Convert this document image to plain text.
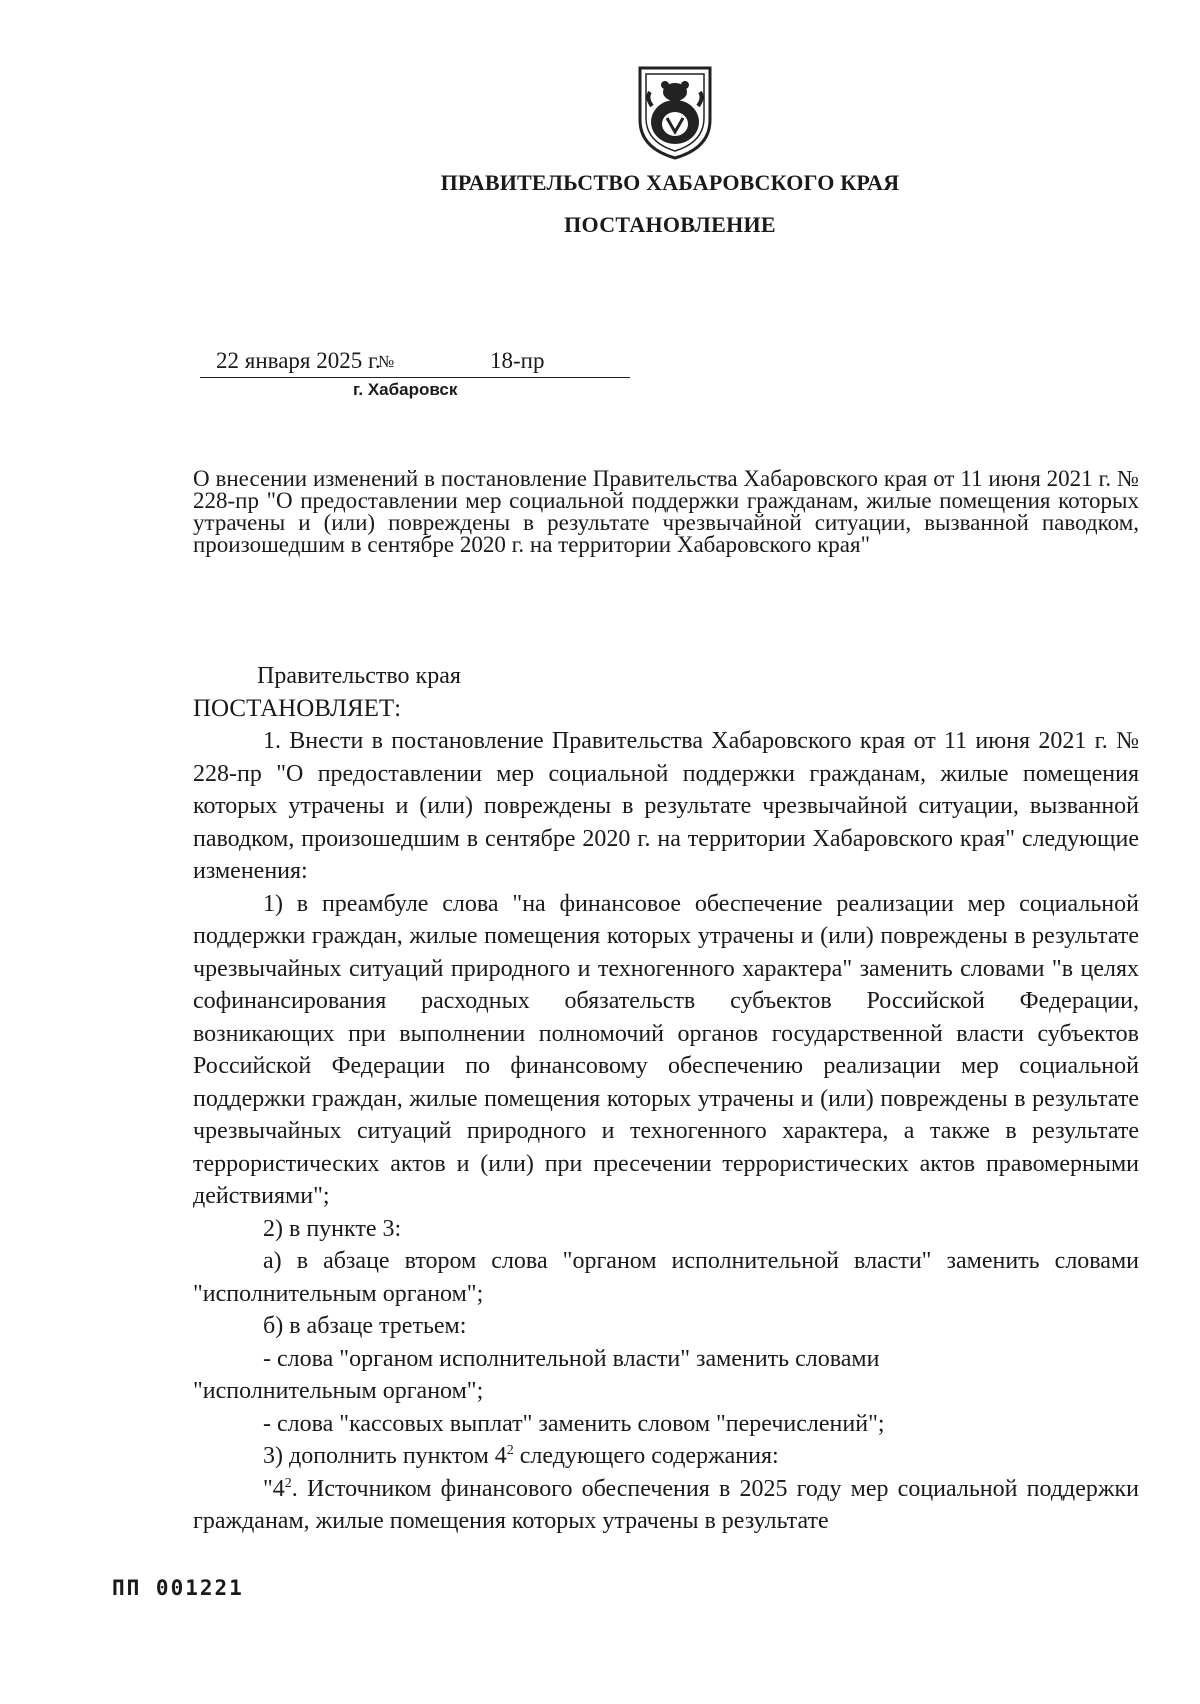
ПРАВИТЕЛЬСТВО ХАБАРОВСКОГО КРАЯ
ПОСТАНОВЛЕНИЕ
22 января 2025 г.
№	18-пр
г. Хабаровск
О внесении изменений в постановление Правительства Хабаровского края от 11 июня 2021 г. № 228-пр "О предоставлении мер социальной поддержки гражданам, жилые помещения которых утрачены и (или) повреждены в результате чрезвычайной ситуации, вызванной паводком, произошедшим в сентябре 2020 г. на территории Хабаровского края"

Правительство края

ПОСТАНОВЛЯЕТ:

1. Внести в постановление Правительства Хабаровского края от 11 июня 2021 г. № 228-пр "О предоставлении мер социальной поддержки гражданам, жилые помещения которых утрачены и (или) повреждены в результате чрезвычайной ситуации, вызванной паводком, произошедшим в сентябре 2020 г. на территории Хабаровского края" следующие изменения:

1) в преамбуле слова "на финансовое обеспечение реализации мер социальной поддержки граждан, жилые помещения которых утрачены и (или) повреждены в результате чрезвычайных ситуаций природного и техногенного характера" заменить словами "в целях софинансирования расходных обязательств субъектов Российской Федерации, возникающих при выполнении полномочий органов государственной власти субъектов Российской Федерации по финансовому обеспечению реализации мер социальной поддержки граждан, жилые помещения которых утрачены и (или) повреждены в результате чрезвычайных ситуаций природного и техногенного характера, а также в результате террористических актов и (или) при пресечении террористических актов правомерными действиями";

2) в пункте 3:

а) в абзаце втором слова "органом исполнительной власти" заменить словами "исполнительным органом";

б) в абзаце третьем:

- слова "органом исполнительной власти" заменить словами

"исполнительным органом";

- слова "кассовых выплат" заменить словом "перечислений";

3) дополнить пунктом $4^2$ следующего содержания:

"$4^2$. Источником финансового обеспечения в 2025 году мер социальной поддержки гражданам, жилые помещения которых утрачены в результате

ПП 001221
